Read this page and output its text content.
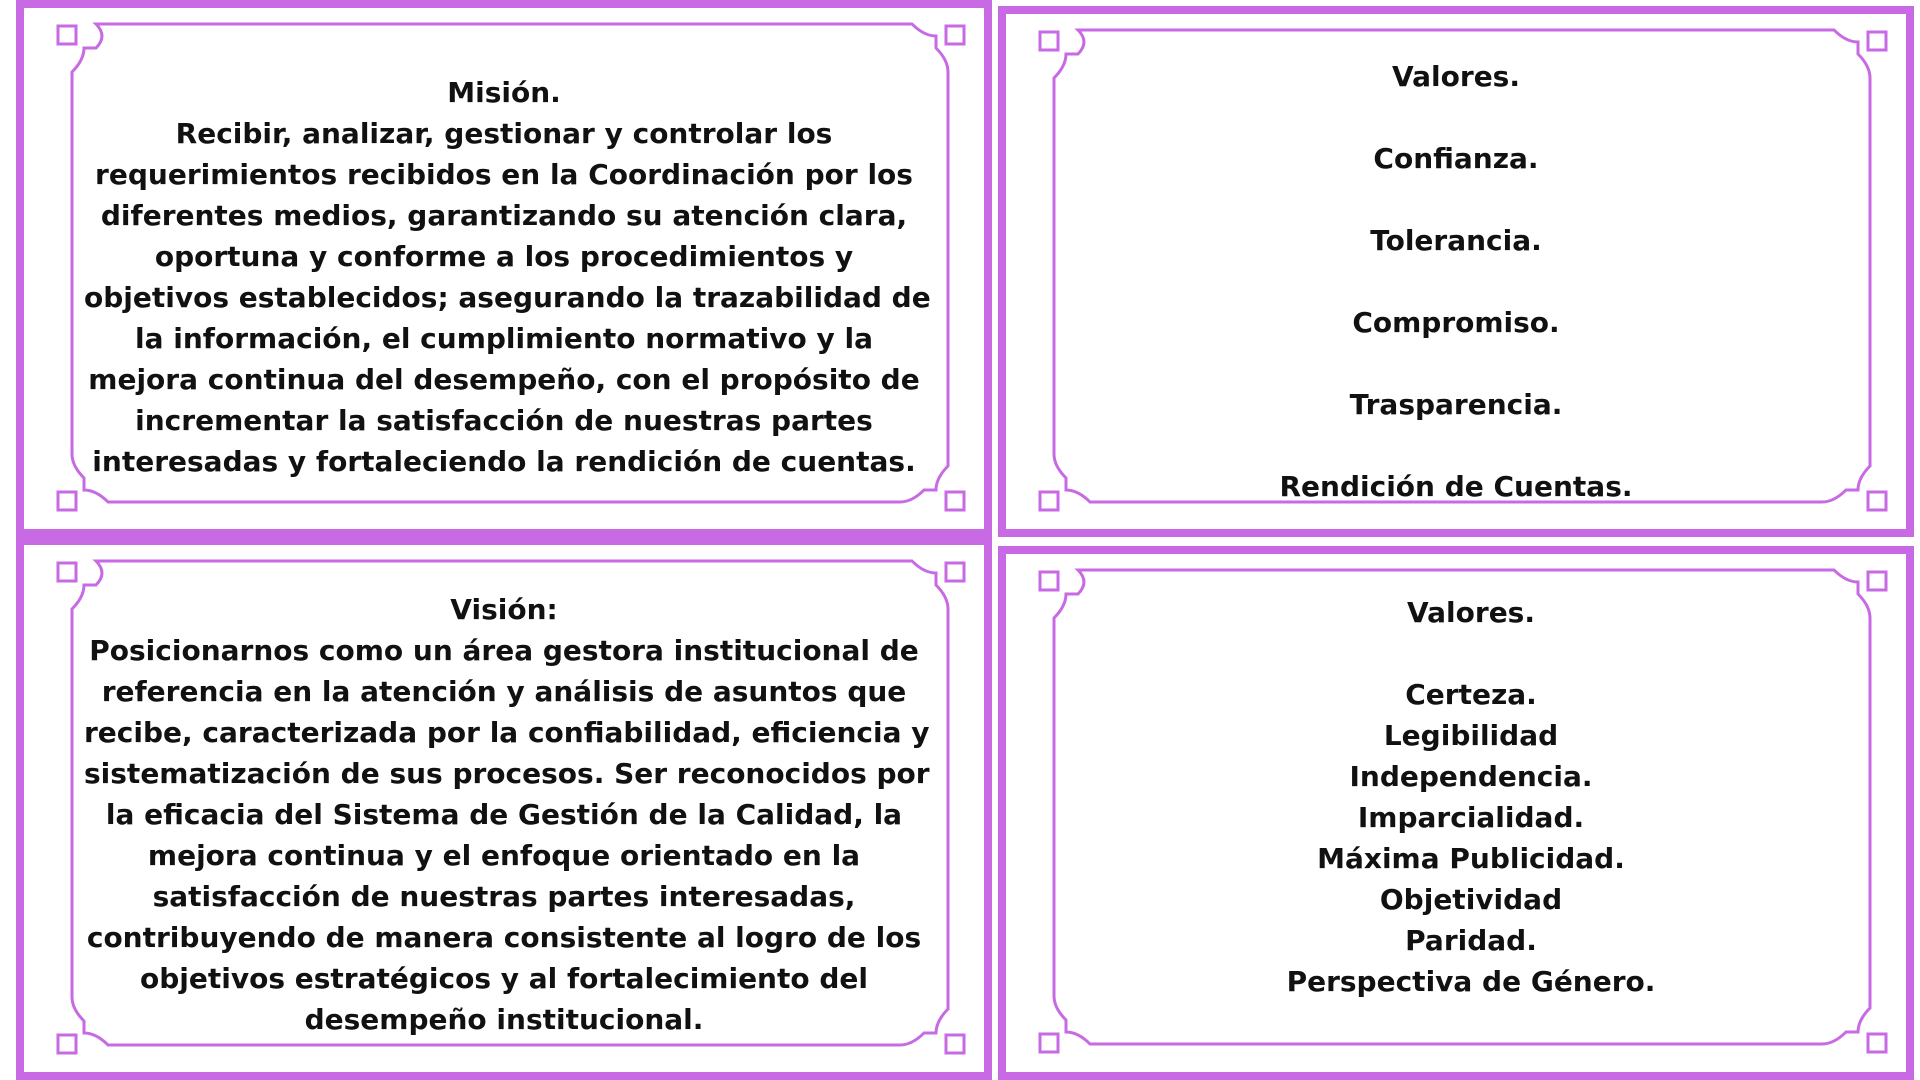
Misión.
Recibir, analizar, gestionar y controlar los
requerimientos recibidos en la Coordinación por los
diferentes medios, garantizando su atención clara,
oportuna y conforme a los procedimientos y
objetivos establecidos; asegurando la trazabilidad de
la información, el cumplimiento normativo y la
mejora continua del desempeño, con el propósito de
incrementar la satisfacción de nuestras partes
interesadas y fortaleciendo la rendición de cuentas.
Valores.
Confianza.
Tolerancia.
Compromiso.
Trasparencia.
Rendición de Cuentas.
Visión:
Posicionarnos como un área gestora institucional de
referencia en la atención y análisis de asuntos que
recibe, caracterizada por la confiabilidad, eficiencia y
sistematización de sus procesos. Ser reconocidos por
la eficacia del Sistema de Gestión de la Calidad, la
mejora continua y el enfoque orientado en la
satisfacción de nuestras partes interesadas,
contribuyendo de manera consistente al logro de los
objetivos estratégicos y al fortalecimiento del
desempeño institucional.
Valores.
Certeza.
Legibilidad
Independencia.
Imparcialidad.
Máxima Publicidad.
Objetividad
Paridad.
Perspectiva de Género.
